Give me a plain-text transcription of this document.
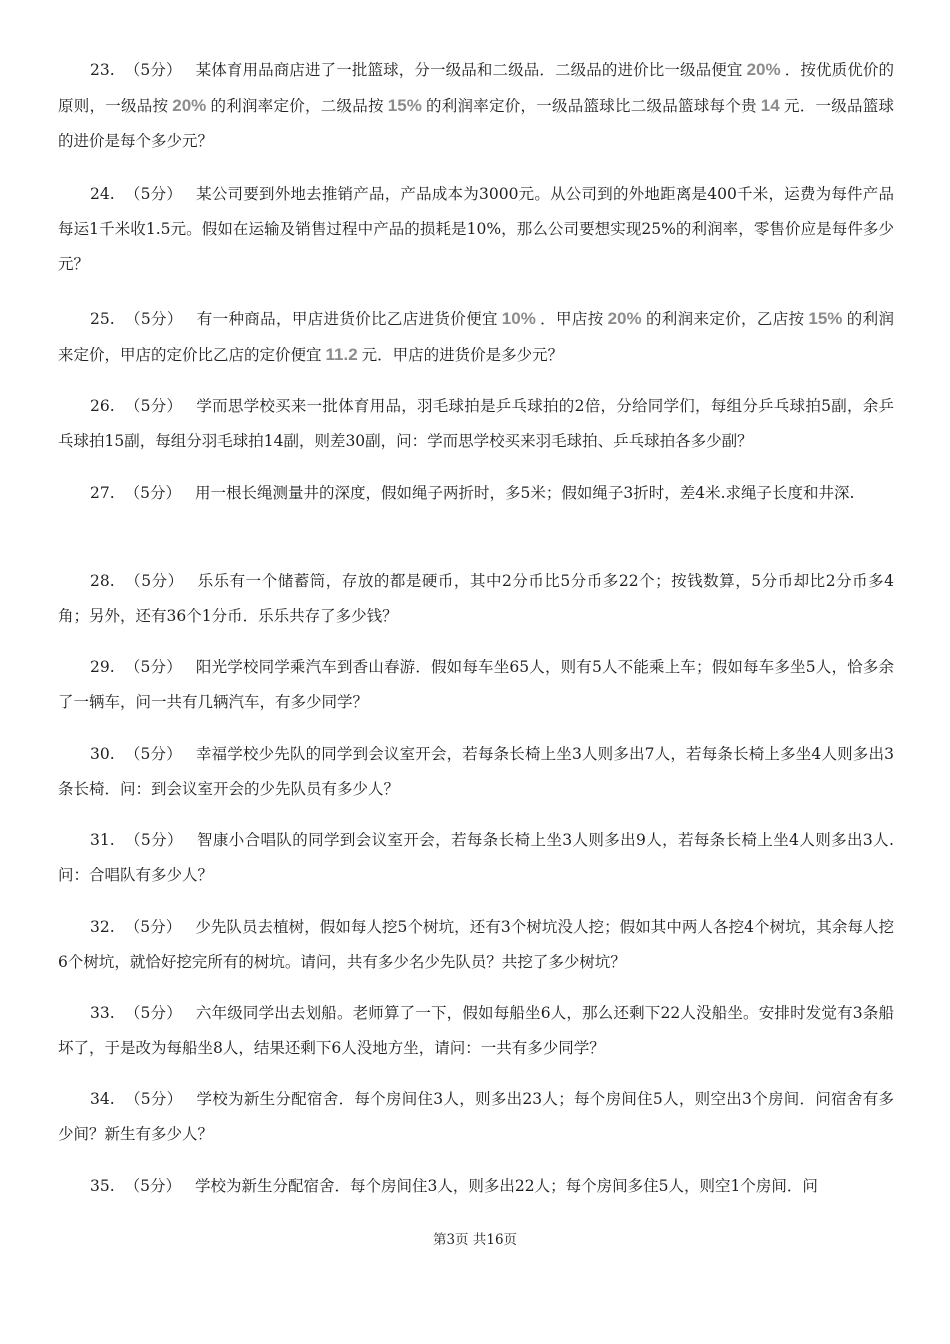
23. （5分） 某体育用品商店进了一批篮球，分一级品和二级品．二级品的进价比一级品便宜 20% ．按优质优价的原则，一级品按 20% 的利润率定价，二级品按 15% 的利润率定价，一级品篮球比二级品篮球每个贵 14 元．一级品篮球的进价是每个多少元？

24. （5分） 某公司要到外地去推销产品，产品成本为3000元。从公司到的外地距离是400千米，运费为每件产品每运1千米收1.5元。假如在运输及销售过程中产品的损耗是10%，那么公司要想实现25%的利润率，零售价应是每件多少元？

25. （5分） 有一种商品，甲店进货价比乙店进货价便宜 10% ．甲店按 20% 的利润来定价，乙店按 15% 的利润来定价，甲店的定价比乙店的定价便宜 11.2 元．甲店的进货价是多少元？

26. （5分） 学而思学校买来一批体育用品，羽毛球拍是乒乓球拍的2倍，分给同学们，每组分乒乓球拍5副，余乒乓球拍15副，每组分羽毛球拍14副，则差30副，问：学而思学校买来羽毛球拍、乒乓球拍各多少副？

27. （5分） 用一根长绳测量井的深度，假如绳子两折时，多5米；假如绳子3折时，差4米.求绳子长度和井深.

28. （5分） 乐乐有一个储蓄筒，存放的都是硬币，其中2分币比5分币多22个；按钱数算，5分币却比2分币多4角；另外，还有36个1分币．乐乐共存了多少钱？

29. （5分） 阳光学校同学乘汽车到香山春游．假如每车坐65人，则有5人不能乘上车；假如每车多坐5人，恰多余了一辆车，问一共有几辆汽车，有多少同学？

30. （5分） 幸福学校少先队的同学到会议室开会，若每条长椅上坐3人则多出7人，若每条长椅上多坐4人则多出3条长椅．问：到会议室开会的少先队员有多少人？

31. （5分） 智康小合唱队的同学到会议室开会，若每条长椅上坐3人则多出9人，若每条长椅上坐4人则多出3人.问：合唱队有多少人？

32. （5分） 少先队员去植树，假如每人挖5个树坑，还有3个树坑没人挖；假如其中两人各挖4个树坑，其余每人挖6个树坑，就恰好挖完所有的树坑。请问，共有多少名少先队员？共挖了多少树坑？

33. （5分） 六年级同学出去划船。老师算了一下，假如每船坐6人，那么还剩下22人没船坐。安排时发觉有3条船坏了，于是改为每船坐8人，结果还剩下6人没地方坐，请问：一共有多少同学？

34. （5分） 学校为新生分配宿舍．每个房间住3人，则多出23人；每个房间住5人，则空出3个房间．问宿舍有多少间？新生有多少人？

35. （5分） 学校为新生分配宿舍．每个房间住3人，则多出22人；每个房间多住5人，则空1个房间．问

第3页 共16页
